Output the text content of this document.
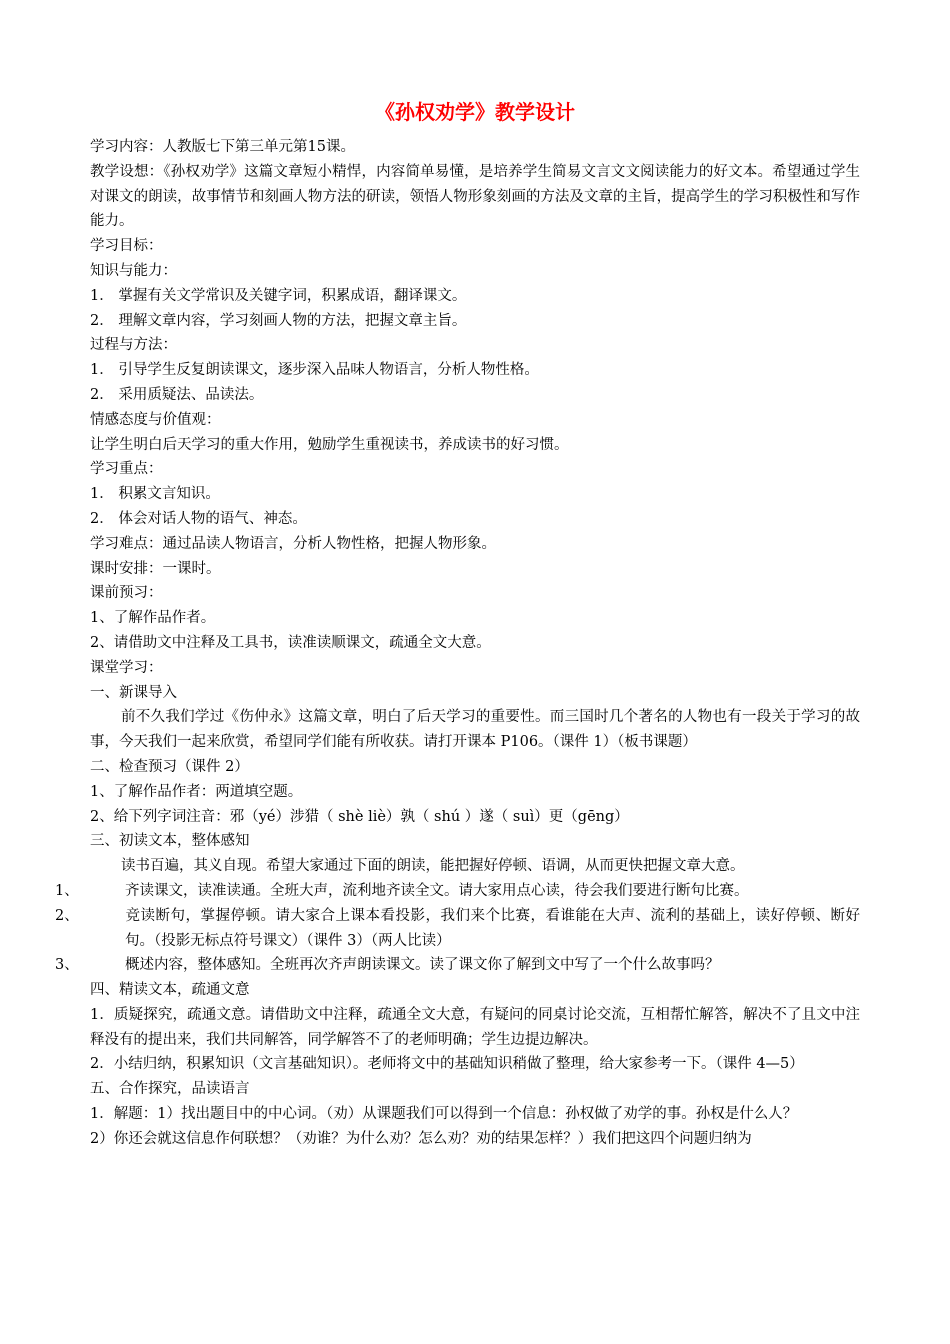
《孙权劝学》教学设计
学习内容：人教版七下第三单元第15课。
教学设想：《孙权劝学》这篇文章短小精悍，内容简单易懂，是培养学生简易文言文文阅读能力的好文本。希望通过学生对课文的朗读，故事情节和刻画人物方法的研读，领悟人物形象刻画的方法及文章的主旨，提高学生的学习积极性和写作能力。
学习目标：
知识与能力：
1． 掌握有关文学常识及关键字词，积累成语，翻译课文。
2． 理解文章内容，学习刻画人物的方法，把握文章主旨。
过程与方法：
1． 引导学生反复朗读课文，逐步深入品味人物语言，分析人物性格。
2． 采用质疑法、品读法。
情感态度与价值观：
让学生明白后天学习的重大作用，勉励学生重视读书，养成读书的好习惯。
学习重点：
1． 积累文言知识。
2． 体会对话人物的语气、神态。
学习难点：通过品读人物语言，分析人物性格，把握人物形象。
课时安排：一课时。
课前预习：
1、了解作品作者。
2、请借助文中注释及工具书，读准读顺课文，疏通全文大意。
课堂学习：
一、新课导入
前不久我们学过《伤仲永》这篇文章，明白了后天学习的重要性。而三国时几个著名的人物也有一段关于学习的故事，今天我们一起来欣赏，希望同学们能有所收获。请打开课本 P106。（课件 1）（板书课题）
二、检查预习（课件 2）
1、了解作品作者：两道填空题。
2、给下列字词注音：邪（yé）涉猎（ shè liè）孰（ shú ）遂（ suì）更（gēng）
三、初读文本，整体感知
读书百遍，其义自现。希望大家通过下面的朗读，能把握好停顿、语调，从而更快把握文章大意。
1、	齐读课文，读准读通。全班大声，流利地齐读全文。请大家用点心读，待会我们要进行断句比赛。
2、	竞读断句，掌握停顿。请大家合上课本看投影，我们来个比赛，看谁能在大声、流利的基础上，读好停顿、断好句。（投影无标点符号课文）（课件 3）（两人比读）
3、	概述内容，整体感知。全班再次齐声朗读课文。读了课文你了解到文中写了一个什么故事吗？
四、精读文本，疏通文意
1．质疑探究，疏通文意。请借助文中注释，疏通全文大意，有疑问的同桌讨论交流，互相帮忙解答，解决不了且文中注释没有的提出来，我们共同解答，同学解答不了的老师明确；学生边提边解决。
2．小结归纳，积累知识（文言基础知识）。老师将文中的基础知识稍做了整理，给大家参考一下。（课件 4—5）
五、合作探究，品读语言
1．解题：1）找出题目中的中心词。（劝）从课题我们可以得到一个信息：孙权做了劝学的事。孙权是什么人？
2）你还会就这信息作何联想？（劝谁？为什么劝？怎么劝？劝的结果怎样？）我们把这四个问题归纳为
